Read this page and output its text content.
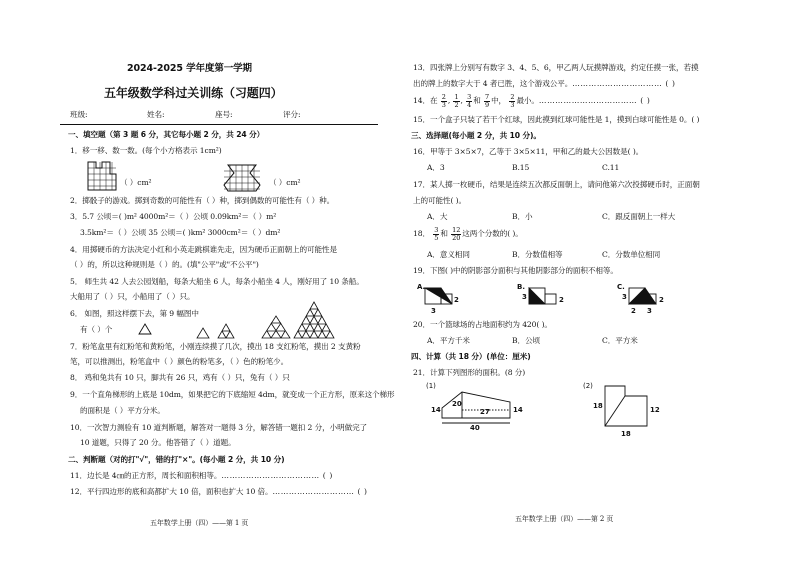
2024-2025 学年度第一学期
五年级数学科过关训练（习题四）
班级:	姓名:	座号:	评分:
一、填空题（第 3 题 6 分，其它每小题 2 分，共 24 分）
1．移一移、数一数。(每个小方格表示 1cm²)
（ ）cm²	（ ）cm²
2．掷骰子的游戏。掷到奇数的可能性有（ ）种，掷到偶数的可能性有（ ）种。
3．5.7 公顷＝( )m² 4000m²＝（ ）公顷 0.09km²＝（ ）m²
3.5km²＝（ ）公顷 35 公顷＝( )km² 3000cm²＝（ ）dm²
4．用掷硬币的方法决定小红和小英走跳棋谁先走，因为硬币正面朝上的可能性是
（ ）的，所以这种规则是（ ）的。(填"公平"或"不公平")
5． 师生共 42 人去公园划船，每条大船坐 6 人，每条小船坐 4 人，刚好用了 10 条船。
大船用了（ ）只，小船用了（ ）只。
6． 如图，照这样摆下去，第 9 幅图中
有（ ）个
7．粉笔盒里有红粉笔和黄粉笔，小刚连续摸了几次，摸出 18 支红粉笔，摸出 2 支黄粉
笔，可以推测出，粉笔盒中（ ）颜色的粉笔多，（ ）色的粉笔少。
8． 鸡和兔共有 10 只，脚共有 26 只，鸡有（ ）只，兔有（ ）只
9．一个直角梯形的上底是 10dm，如果把它的下底缩短 4dm，就变成一个正方形，原来这个梯形
的面积是（ ）平方分米。
10．一次智力测验有 10 道判断题，解答对一题得 3 分，解答错一题扣 2 分，小明做完了
10 道题，只得了 20 分。他答错了（ ）道题。
二、判断题（对的打"√"，错的打"×"。(每小题 2 分，共 10 分)
11．边长是 4㎝的正方形，周长和面积相等。……………………………… ( )
12．平行四边形的底和高都扩大 10 倍，面积也扩大 10 倍。………………………… ( )
五年数学上册（四）——第 1 页
13．四张牌上分别写有数字 3、4、5、6，甲乙两人玩摸牌游戏，约定任摸一张，若摸
出的牌上的数字大于 4 者已胜，这个游戏公平。…………………………… ( )
14．在 $\frac{2}{3}$ , $\frac{1}{2}$ , $\frac{3}{4}$ 和 $\frac{7}{9}$ 中， $\frac{2}{3}$ 最小。……………………………… ( )
15．一个盒子只装了若干个红球，因此摸到红球可能性是 1，摸到白球可能性是 0。( )
三、选择题(每小题 2 分，共 10 分)。
16．甲等于 3×5×7，乙等于 3×5×11，甲和乙的最大公因数是( )。
A．3	B.15	C.11
17．某人掷一枚硬币，结果是连续五次都反面朝上，请问他第六次投掷硬币时，正面朝
上的可能性( )。
A．大	B．小	C．跟反面朝上一样大
18． $\frac{3}{5}$ 和 $\frac{12}{20}$ 这两个分数的( )。
A．意义相同	B．分数值相等	C．分数单位相同
19．下图( )中的阴影部分面积与其他阴影部分的面积不相等。
A.	B.	C.
3
2	3	2	3
2 3
2
20．一个篮球场的占地面积约为 420( )。
A．平方千米	B．公顷	C．平方米
四、计算（共 18 分）(单位：厘米)
21．计算下列图形的面积。(8 分)
(1)
14
20
27	14
40
(2)
18	12
18
五年数学上册（四）——第 2 页
